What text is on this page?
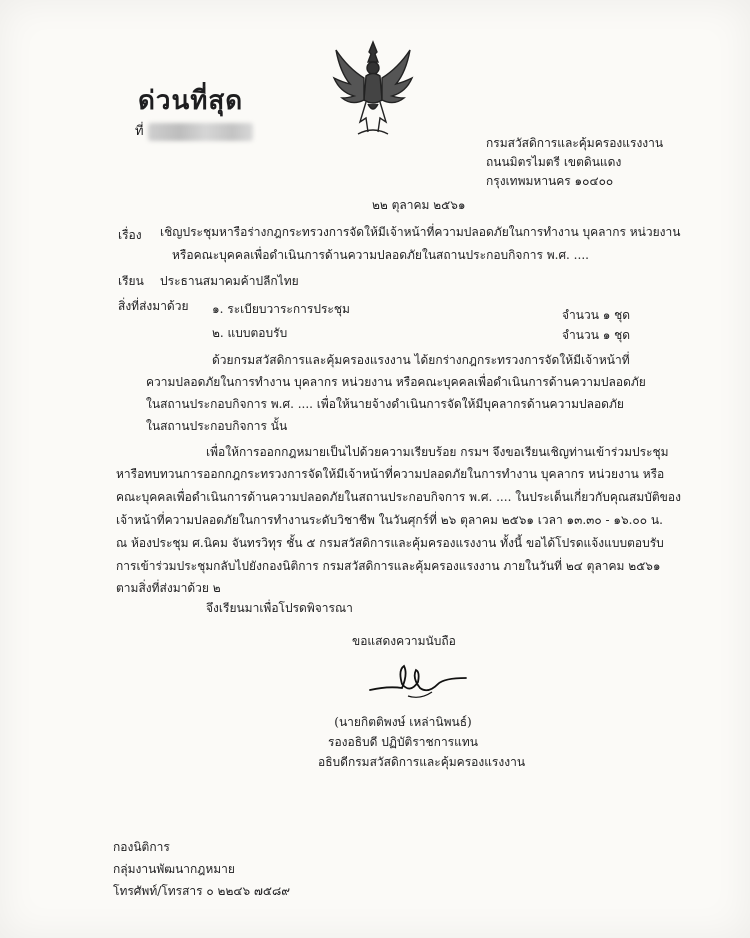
ด่วนที่สุด
ที่
กรมสวัสดิการและคุ้มครองแรงงาน
ถนนมิตรไมตรี เขตดินแดง
กรุงเทพมหานคร ๑๐๔๐๐
๒๒ ตุลาคม ๒๕๖๑
เรื่อง เชิญประชุมหารือร่างกฎกระทรวงการจัดให้มีเจ้าหน้าที่ความปลอดภัยในการทำงาน บุคลากร หน่วยงาน
หรือคณะบุคคลเพื่อดำเนินการด้านความปลอดภัยในสถานประกอบกิจการ พ.ศ. ....
เรียน ประธานสมาคมค้าปลีกไทย
สิ่งที่ส่งมาด้วย ๑. ระเบียบวาระการประชุม	จำนวน ๑ ชุด
๒. แบบตอบรับ	จำนวน ๑ ชุด
ด้วยกรมสวัสดิการและคุ้มครองแรงงาน ได้ยกร่างกฎกระทรวงการจัดให้มีเจ้าหน้าที่
ความปลอดภัยในการทำงาน บุคลากร หน่วยงาน หรือคณะบุคคลเพื่อดำเนินการด้านความปลอดภัย
ในสถานประกอบกิจการ พ.ศ. .... เพื่อให้นายจ้างดำเนินการจัดให้มีบุคลากรด้านความปลอดภัย
ในสถานประกอบกิจการ นั้น
เพื่อให้การออกกฎหมายเป็นไปด้วยความเรียบร้อย กรมฯ จึงขอเรียนเชิญท่านเข้าร่วมประชุม
หารือทบทวนการออกกฎกระทรวงการจัดให้มีเจ้าหน้าที่ความปลอดภัยในการทำงาน บุคลากร หน่วยงาน หรือ
คณะบุคคลเพื่อดำเนินการด้านความปลอดภัยในสถานประกอบกิจการ พ.ศ. .... ในประเด็นเกี่ยวกับคุณสมบัติของ
เจ้าหน้าที่ความปลอดภัยในการทำงานระดับวิชาชีพ ในวันศุกร์ที่ ๒๖ ตุลาคม ๒๕๖๑ เวลา ๑๓.๓๐ - ๑๖.๐๐ น.
ณ ห้องประชุม ศ.นิคม จันทรวิทุร ชั้น ๕ กรมสวัสดิการและคุ้มครองแรงงาน ทั้งนี้ ขอได้โปรดแจ้งแบบตอบรับ
การเข้าร่วมประชุมกลับไปยังกองนิติการ กรมสวัสดิการและคุ้มครองแรงงาน ภายในวันที่ ๒๔ ตุลาคม ๒๕๖๑
ตามสิ่งที่ส่งมาด้วย ๒
จึงเรียนมาเพื่อโปรดพิจารณา
ขอแสดงความนับถือ
(นายกิตติพงษ์ เหล่านิพนธ์)
รองอธิบดี ปฏิบัติราชการแทน
อธิบดีกรมสวัสดิการและคุ้มครองแรงงาน
กองนิติการ
กลุ่มงานพัฒนากฎหมาย
โทรศัพท์/โทรสาร ๐ ๒๒๔๖ ๗๕๘๙
